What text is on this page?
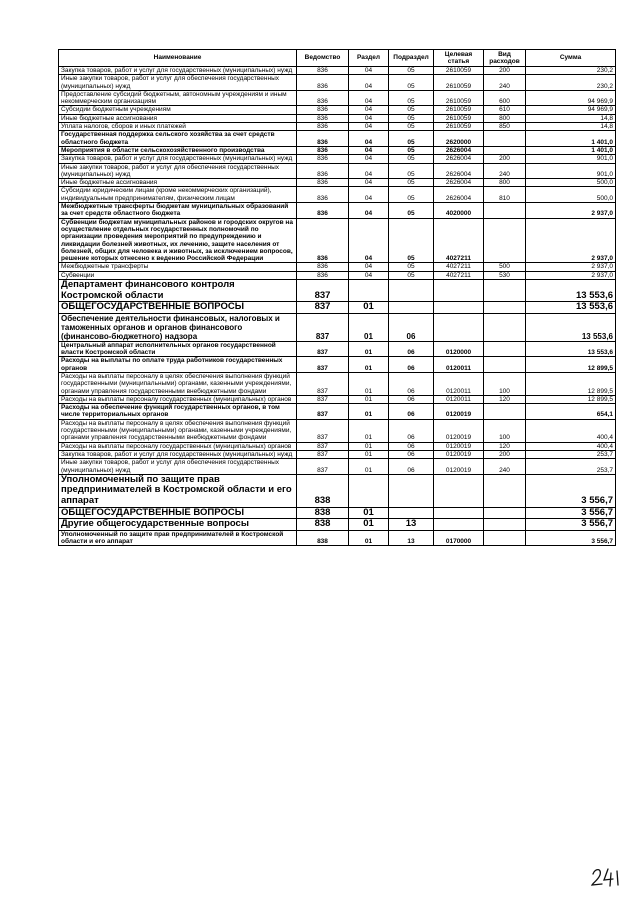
Наименование	Ведомство	Раздел	Подраздел	Целевая статья	Вид расходов	Сумма
Закупка товаров, работ и услуг для государственных (муниципальных) нужд	836	04	05	2610059	200	230,2
Иные закупки товаров, работ и услуг для обеспечения государственных (муниципальных) нужд	836	04	05	2610059	240	230,2
Предоставление субсидий бюджетным, автономным учреждениям и иным некоммерческим организациям	836	04	05	2610059	600	94 969,9
Субсидии бюджетным учреждениям	836	04	05	2610059	610	94 969,9
Иные бюджетные ассигнования	836	04	05	2610059	800	14,8
Уплата налогов, сборов и иных платежей	836	04	05	2610059	850	14,8
Государственная поддержка сельского хозяйства за счет средств областного бюджета	836	04	05	2620000		1 401,0
Мероприятия в области сельскохозяйственного производства	836	04	05	2626004		1 401,0
Закупка товаров, работ и услуг для государственных (муниципальных) нужд	836	04	05	2626004	200	901,0
Иные закупки товаров, работ и услуг для обеспечения государственных (муниципальных) нужд	836	04	05	2626004	240	901,0
Иные бюджетные ассигнования	836	04	05	2626004	800	500,0
Субсидии юридическим лицам (кроме некоммерческих организаций), индивидуальным предпринимателям, физическим лицам	836	04	05	2626004	810	500,0
Межбюджетные трансферты бюджетам муниципальных образований за счет средств областного бюджета	836	04	05	4020000		2 937,0
Субвенции бюджетам муниципальных районов и городских округов на осуществление отдельных государственных полномочий по организации проведения мероприятий по предупреждению и ликвидации болезней животных, их лечению, защите населения от болезней, общих для человека и животных, за исключением вопросов, решение которых отнесено к ведению Российской Федерации	836	04	05	4027211		2 937,0
Межбюджетные трансферты	836	04	05	4027211	500	2 937,0
Субвенции	836	04	05	4027211	530	2 937,0
Департамент финансового контроля Костромской области	837					13 553,6
ОБЩЕГОСУДАРСТВЕННЫЕ ВОПРОСЫ	837	01				13 553,6
Обеспечение деятельности финансовых, налоговых и таможенных органов и органов финансового (финансово-бюджетного) надзора	837	01	06			13 553,6
Центральный аппарат исполнительных органов государственной власти Костромской области	837	01	06	0120000		13 553,6
Расходы на выплаты по оплате труда работников государственных органов	837	01	06	0120011		12 899,5
Расходы на выплаты персоналу в целях обеспечения выполнения функций государственными (муниципальными) органами, казенными учреждениями, органами управления государственными внебюджетными фондами	837	01	06	0120011	100	12 899,5
Расходы на выплаты персоналу государственных (муниципальных) органов	837	01	06	0120011	120	12 899,5
Расходы на обеспечение функций государственных органов, в том числе территориальных органов	837	01	06	0120019		654,1
Расходы на выплаты персоналу в целях обеспечения выполнения функций государственными (муниципальными) органами, казенными учреждениями, органами управления государственными внебюджетными фондами	837	01	06	0120019	100	400,4
Расходы на выплаты персоналу государственных (муниципальных) органов	837	01	06	0120019	120	400,4
Закупка товаров, работ и услуг для государственных (муниципальных) нужд	837	01	06	0120019	200	253,7
Иные закупки товаров, работ и услуг для обеспечения государственных (муниципальных) нужд	837	01	06	0120019	240	253,7
Уполномоченный по защите прав предпринимателей в Костромской области и его аппарат	838					3 556,7
ОБЩЕГОСУДАРСТВЕННЫЕ ВОПРОСЫ	838	01				3 556,7
Другие общегосударственные вопросы	838	01	13			3 556,7
Уполномоченный по защите прав предпринимателей в Костромской области и его аппарат	838	01	13	0170000		3 556,7
